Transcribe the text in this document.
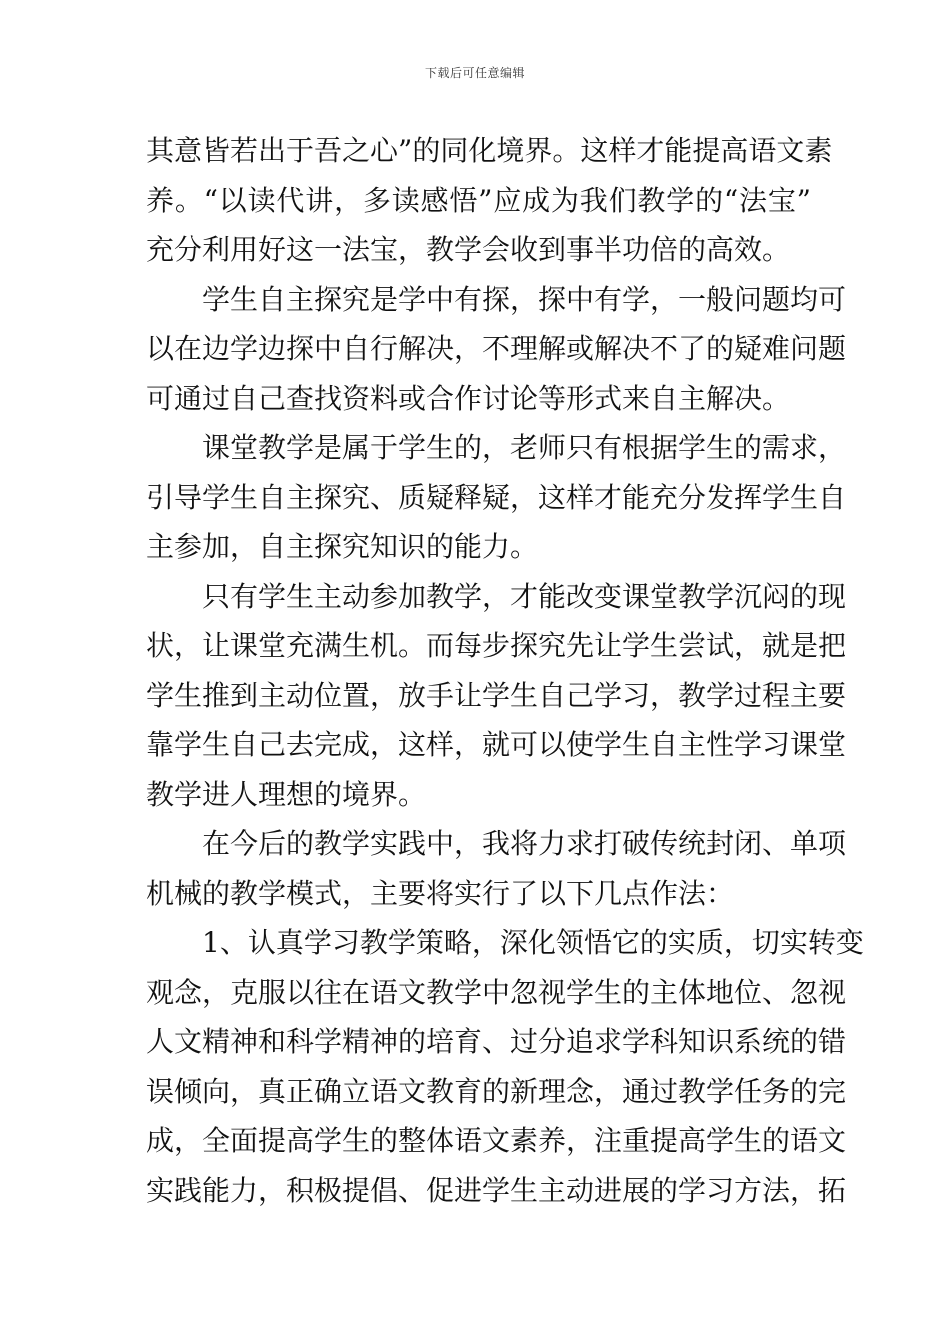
下载后可任意编辑
其意皆若出于吾之心”的同化境界。这样才能提高语文素
养。“以读代讲，多读感悟”应成为我们教学的“法宝”
充分利用好这一法宝，教学会收到事半功倍的高效。
学生自主探究是学中有探，探中有学，一般问题均可
以在边学边探中自行解决，不理解或解决不了的疑难问题
可通过自己查找资料或合作讨论等形式来自主解决。
课堂教学是属于学生的，老师只有根据学生的需求，
引导学生自主探究、质疑释疑，这样才能充分发挥学生自
主参加，自主探究知识的能力。
只有学生主动参加教学，才能改变课堂教学沉闷的现
状，让课堂充满生机。而每步探究先让学生尝试，就是把
学生推到主动位置，放手让学生自己学习，教学过程主要
靠学生自己去完成，这样，就可以使学生自主性学习课堂
教学进人理想的境界。
在今后的教学实践中，我将力求打破传统封闭、单项
机械的教学模式，主要将实行了以下几点作法：
1、认真学习教学策略，深化领悟它的实质，切实转变
观念，克服以往在语文教学中忽视学生的主体地位、忽视
人文精神和科学精神的培育、过分追求学科知识系统的错
误倾向，真正确立语文教育的新理念，通过教学任务的完
成，全面提高学生的整体语文素养，注重提高学生的语文
实践能力，积极提倡、促进学生主动进展的学习方法，拓
